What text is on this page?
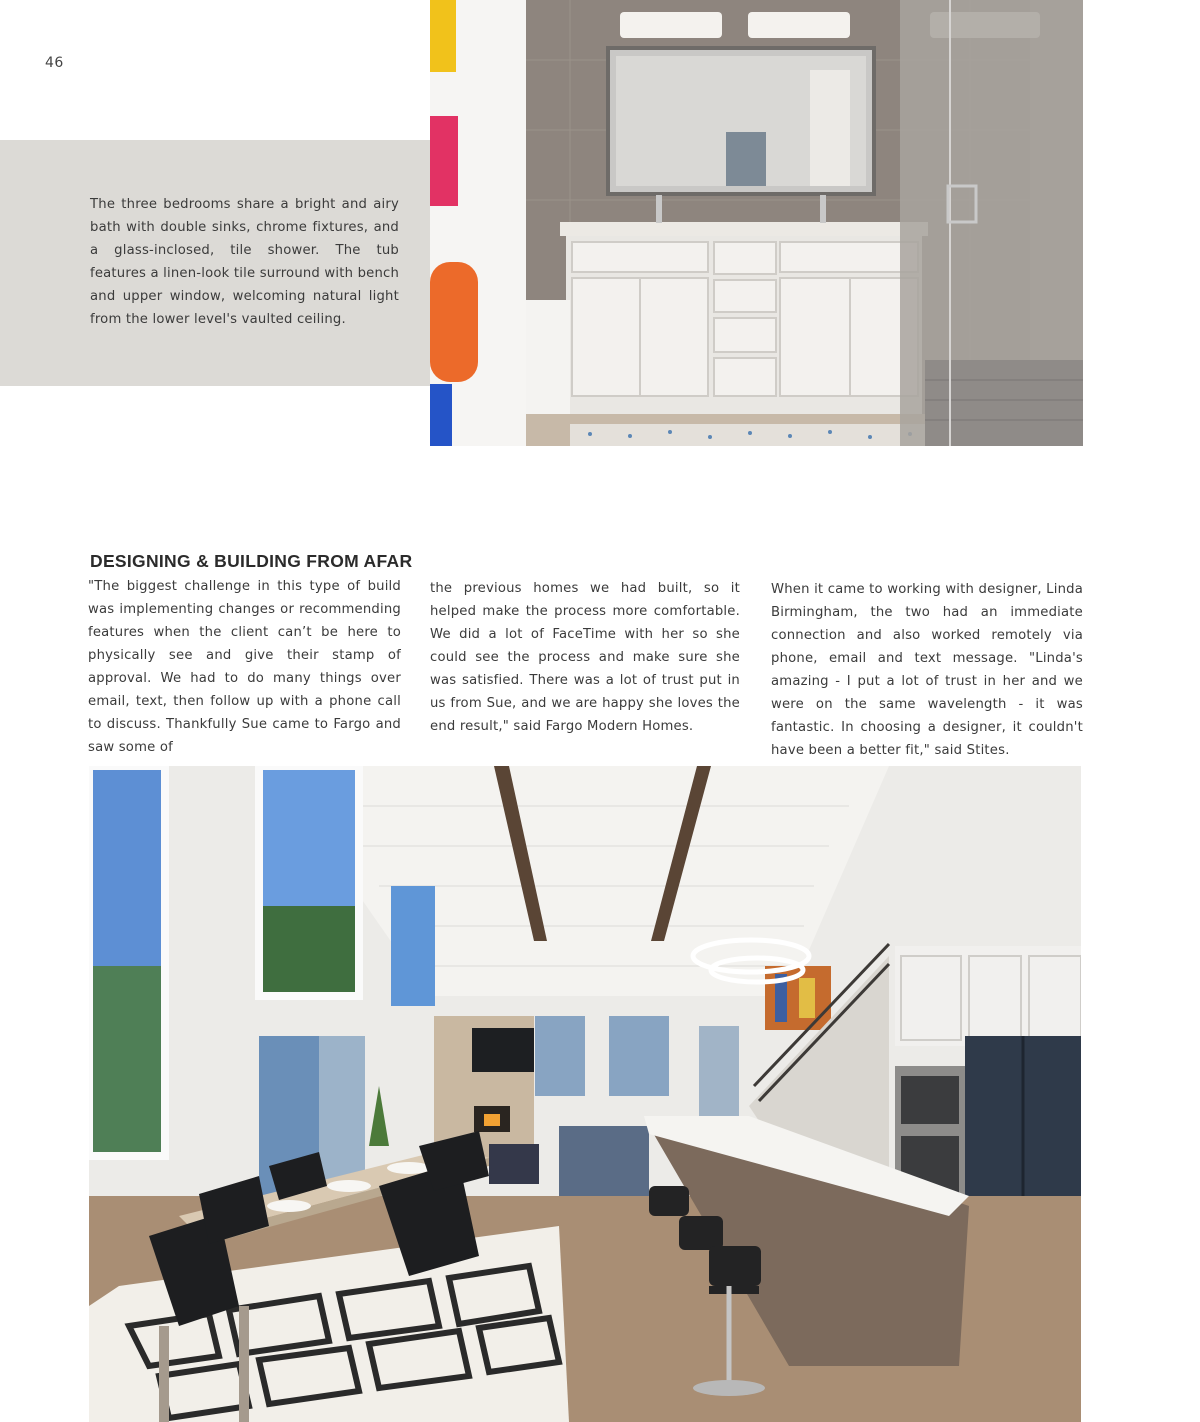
46

The three bedrooms share a bright and airy bath with double sinks, chrome fixtures, and a glass-inclosed, tile shower. The tub features a linen-look tile surround with bench and upper window, welcoming natural light from the lower level's vaulted ceiling.

DESIGNING & BUILDING FROM AFAR

"The biggest challenge in this type of build was implementing changes or recommending features when the client can’t be here to physically see and give their stamp of approval. We had to do many things over email, text, then follow up with a phone call to discuss. Thankfully Sue came to Fargo and saw some of

the previous homes we had built, so it helped make the process more comfortable. We did a lot of FaceTime with her so she could see the process and make sure she was satisfied. There was a lot of trust put in us from Sue, and we are happy she loves the end result," said Fargo Modern Homes.

When it came to working with designer, Linda Birmingham, the two had an immediate connection and also worked remotely via phone, email and text message. "Linda's amazing - I put a lot of trust in her and we were on the same wavelength - it was fantastic. In choosing a designer, it couldn't have been a better fit," said Stites.
